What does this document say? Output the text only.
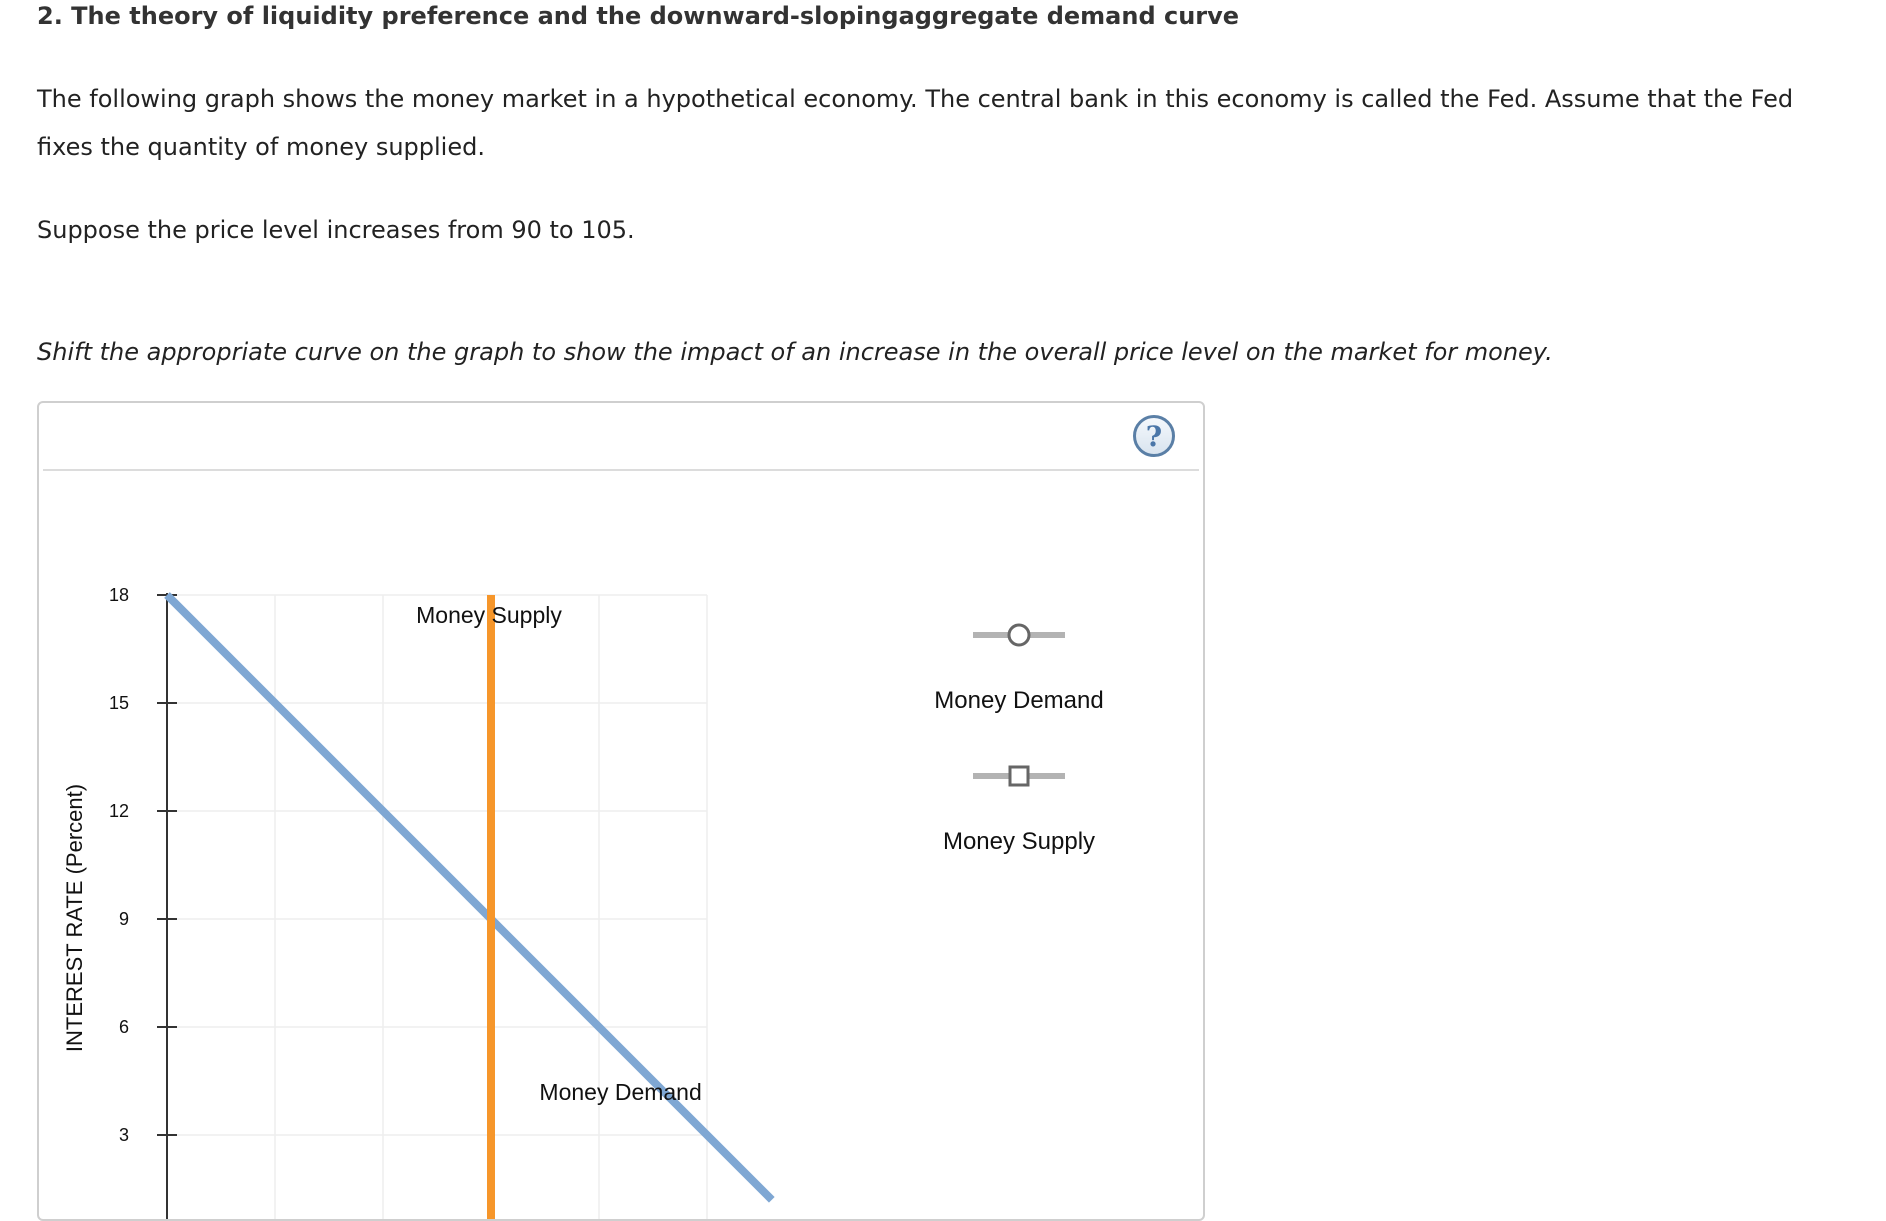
2. The theory of liquidity preference and the downward-slopingaggregate demand curve
The following graph shows the money market in a hypothetical economy. The central bank in this economy is called the Fed. Assume that the Fed fixes the quantity of money supplied.
Suppose the price level increases from 90 to 105.
Shift the appropriate curve on the graph to show the impact of an increase in the overall price level on the market for money.
?
18
15
12
9
6
3
INTEREST RATE (Percent)
Money Supply
Money Demand
Money Demand
Money Supply
